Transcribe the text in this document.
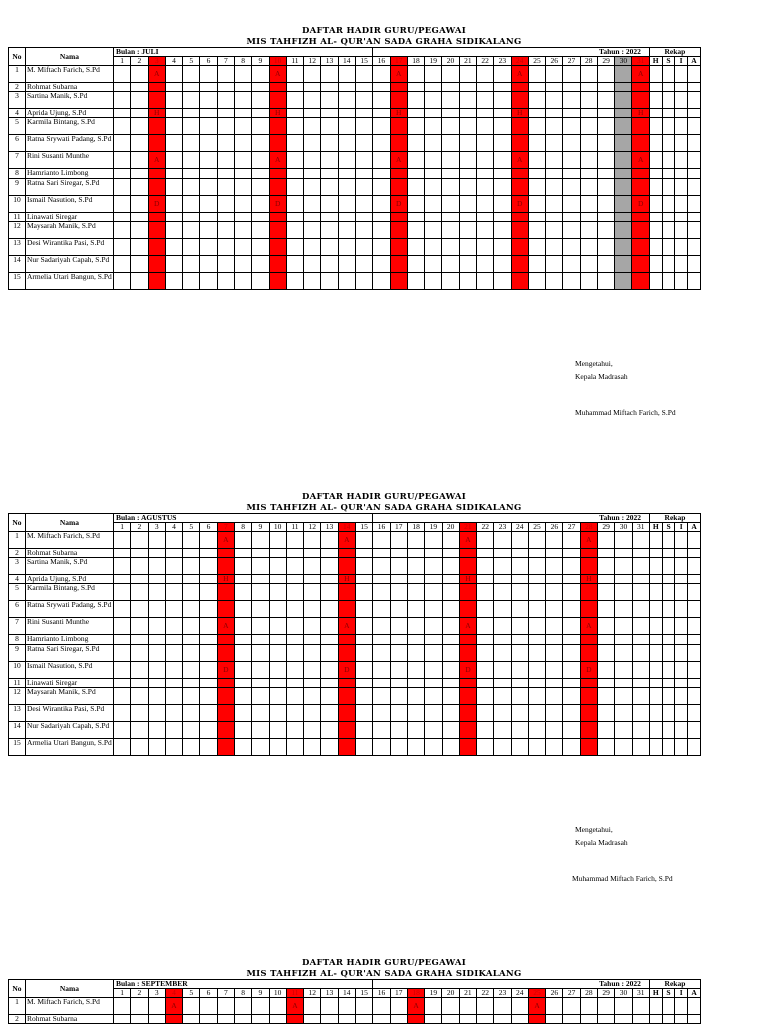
DAFTAR HADIR GURU/PEGAWAI
MIS TAHFIZH AL- QUR'AN SADA GRAHA SIDIKALANG
No	Nama	Bulan : JULI															Tahun : 2022																Rekap			
		1	2	3	4	5	6	7	8	9	10	11	12	13	14	15	16	17	18	19	20	21	22	23	24	25	26	27	28	29	30	31	H	S	I	A
1	M. Miftach Farich, S.Pd			A							A							A							A							A				
2	Rohmat Subarna																																			
3	Sartina Manik, S.Pd																																			
4	Aprida Ujung, S.Pd			H							H							H							H							H				
5	Karmila Bintang, S.Pd																																			
6	Ratna Srywati Padang, S.Pd																																			
7	Rini Susanti Munthe			A							A							A							A							A				
8	Hamrianto Limbong																																			
9	Ratna Sari Siregar, S.Pd																																			
10	Ismail Nasution, S.Pd			D							D							D							D							D				
11	Linawati Siregar																																			
12	Maysarah Manik, S.Pd																																			
13	Desi Wirantika Pasi, S.Pd																																			
14	Nur Sadariyah Capah, S.Pd																																			
15	Armelia Utari Bangun, S.Pd																																			
Mengetahui,
Kepala Madrasah
Muhammad Miftach Farich, S.Pd
DAFTAR HADIR GURU/PEGAWAI
MIS TAHFIZH AL- QUR'AN SADA GRAHA SIDIKALANG
No	Nama	Bulan : AGUSTUS															Tahun : 2022																Rekap			
		1	2	3	4	5	6	7	8	9	10	11	12	13	14	15	16	17	18	19	20	21	22	23	24	25	26	27	28	29	30	31	H	S	I	A
1	M. Miftach Farich, S.Pd							A							A							A							A							
2	Rohmat Subarna																																			
3	Sartina Manik, S.Pd																																			
4	Aprida Ujung, S.Pd							H							H							H							H							
5	Karmila Bintang, S.Pd																																			
6	Ratna Srywati Padang, S.Pd																																			
7	Rini Susanti Munthe							A							A							A							A							
8	Hamrianto Limbong																																			
9	Ratna Sari Siregar, S.Pd																																			
10	Ismail Nasution, S.Pd							D							D							D							D							
11	Linawati Siregar																																			
12	Maysarah Manik, S.Pd																																			
13	Desi Wirantika Pasi, S.Pd																																			
14	Nur Sadariyah Capah, S.Pd																																			
15	Armelia Utari Bangun, S.Pd																																			
Mengetahui,
Kepala Madrasah
Muhammad Miftach Farich, S.Pd
DAFTAR HADIR GURU/PEGAWAI
MIS TAHFIZH AL- QUR'AN SADA GRAHA SIDIKALANG
No	Nama	Bulan : SEPTEMBER															Tahun : 2022																Rekap			
		1	2	3	4	5	6	7	8	9	10	11	12	13	14	15	16	17	18	19	20	21	22	23	24	25	26	27	28	29	30	31	H	S	I	A
1	M. Miftach Farich, S.Pd				A							A							A							A										
2	Rohmat Subarna																																			
